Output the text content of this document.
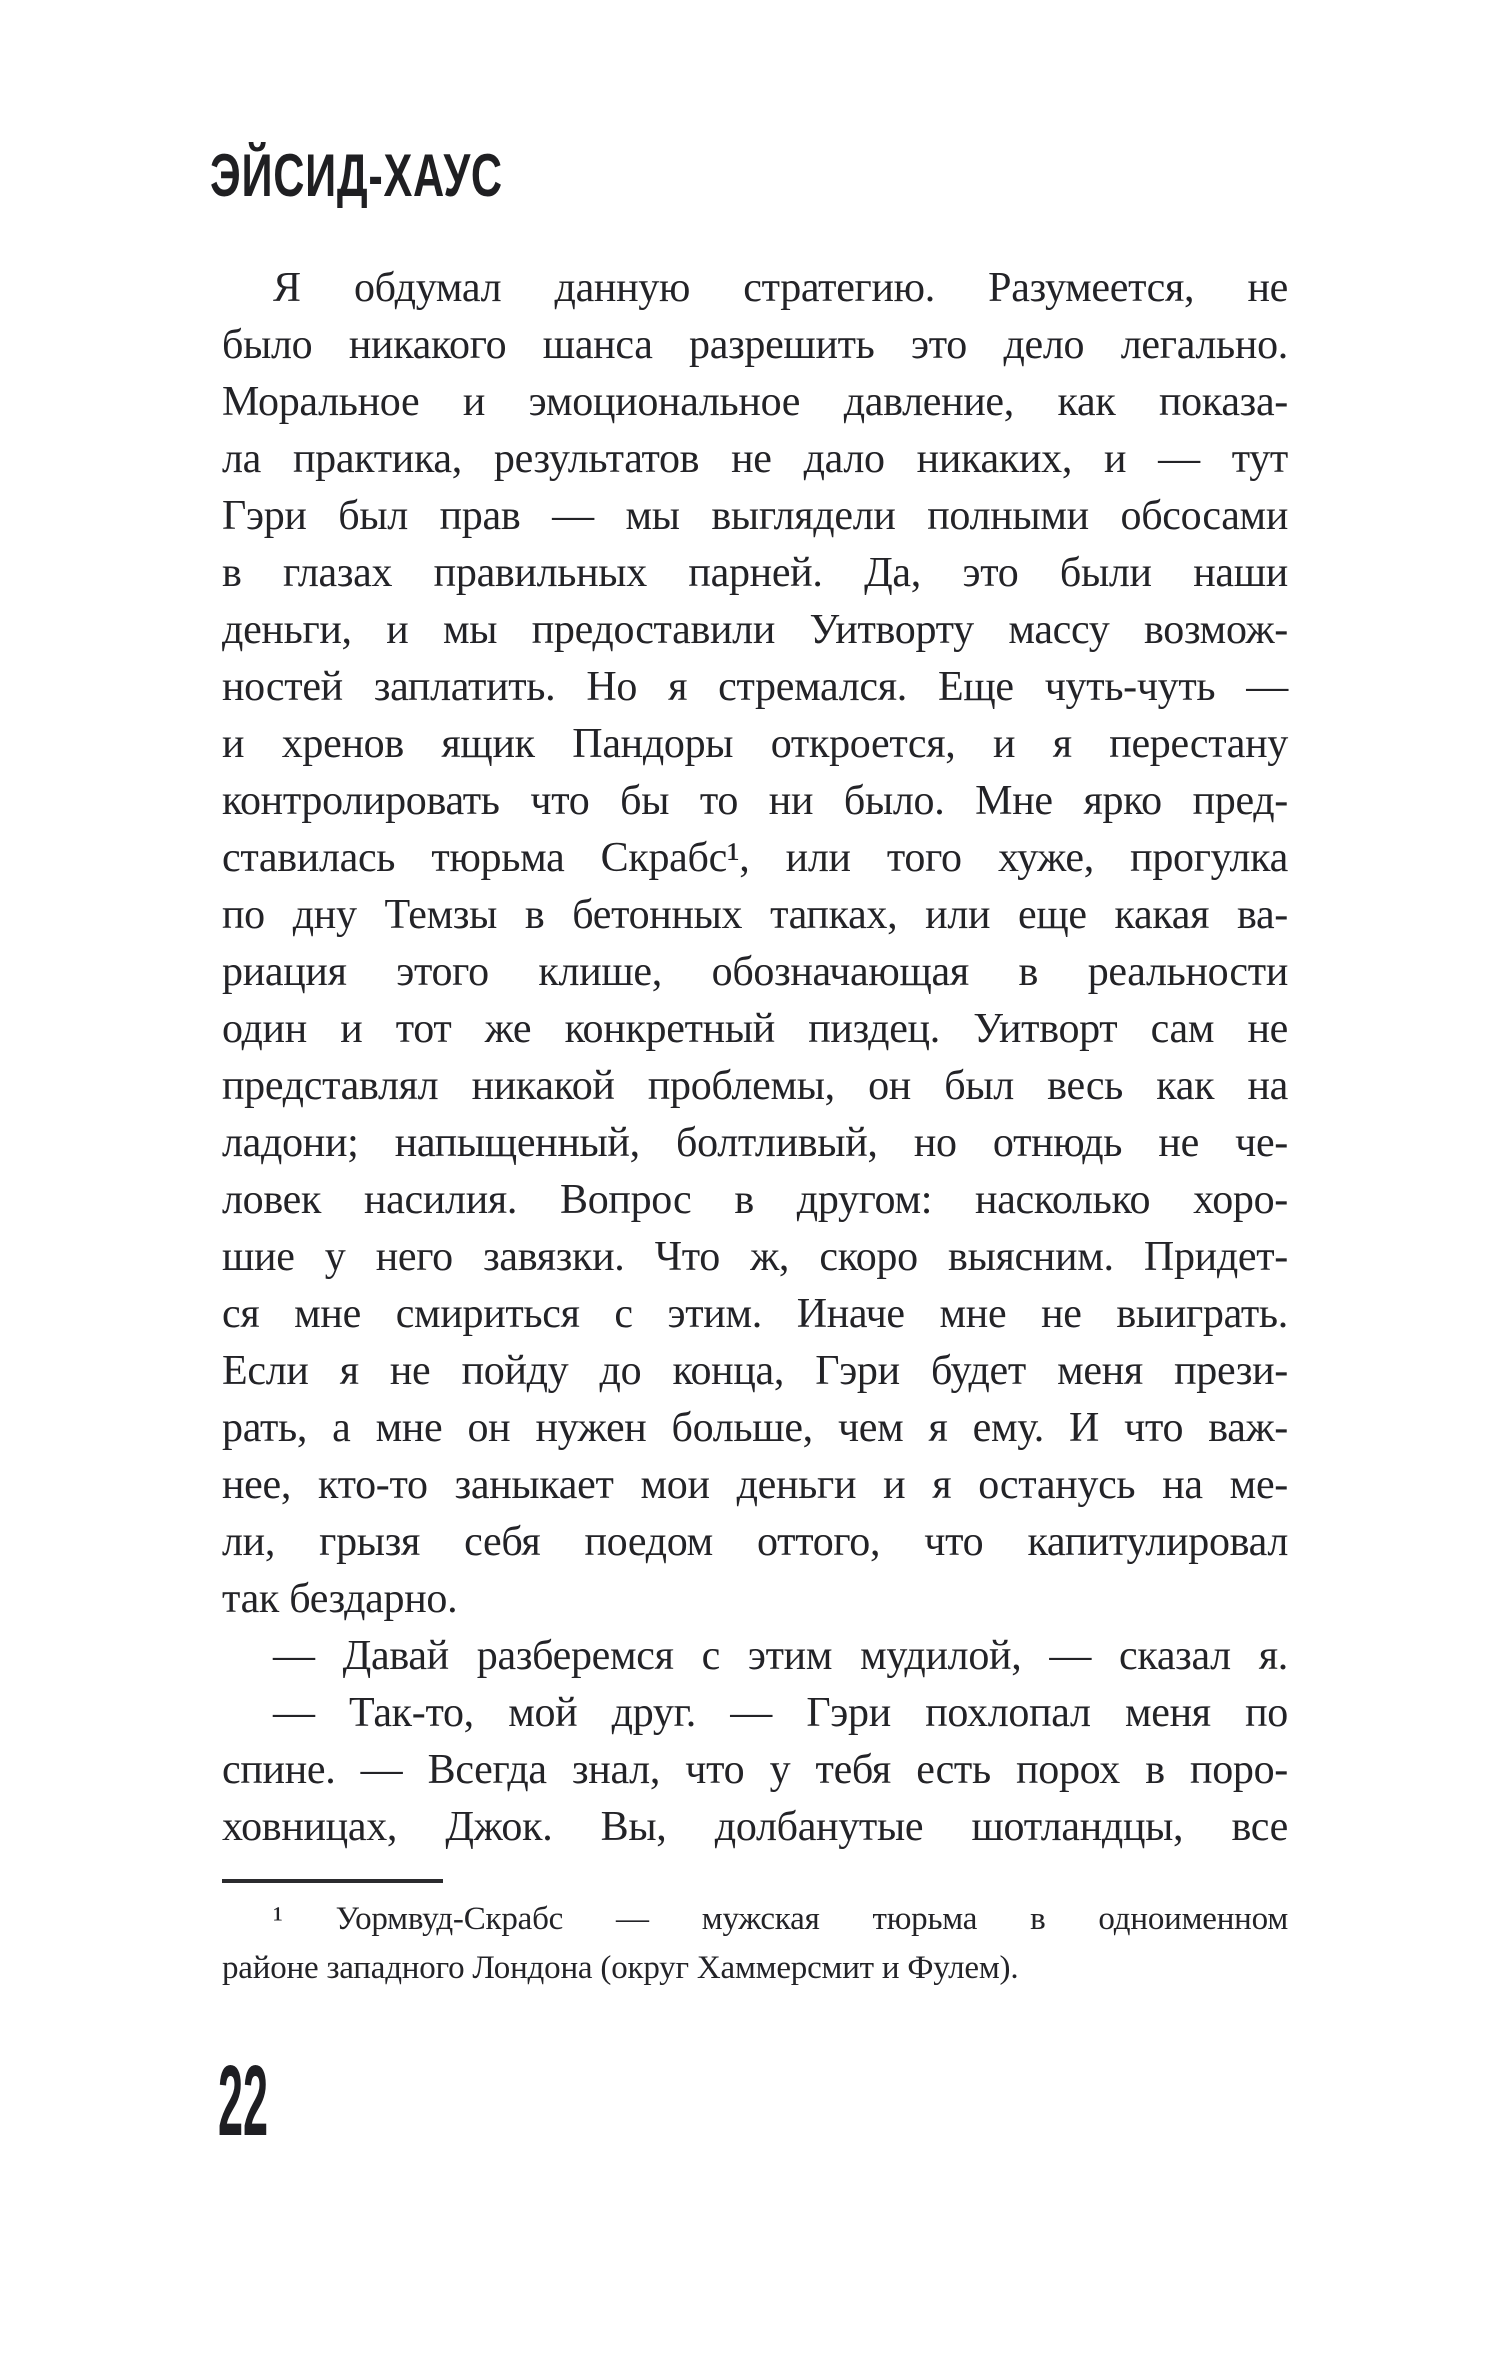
ЭЙСИД-ХАУС
Я обдумал данную стратегию. Разумеется, не
было никакого шанса разрешить это дело легально.
Моральное и эмоциональное давление, как показа-
ла практика, результатов не дало никаких, и — тут
Гэри был прав — мы выглядели полными обсосами
в глазах правильных парней. Да, это были наши
деньги, и мы предоставили Уитворту массу возмож-
ностей заплатить. Но я стремался. Еще чуть-чуть —
и хренов ящик Пандоры откроется, и я перестану
контролировать что бы то ни было. Мне ярко пред-
ставилась тюрьма Скрабс¹, или того хуже, прогулка
по дну Темзы в бетонных тапках, или еще какая ва-
риация этого клише, обозначающая в реальности
один и тот же конкретный пиздец. Уитворт сам не
представлял никакой проблемы, он был весь как на
ладони; напыщенный, болтливый, но отнюдь не че-
ловек насилия. Вопрос в другом: насколько хоро-
шие у него завязки. Что ж, скоро выясним. Придет-
ся мне смириться с этим. Иначе мне не выиграть.
Если я не пойду до конца, Гэри будет меня прези-
рать, а мне он нужен больше, чем я ему. И что важ-
нее, кто-то заныкает мои деньги и я останусь на ме-
ли, грызя себя поедом оттого, что капитулировал
так бездарно.
— Давай разберемся с этим мудилой, — сказал я.
— Так-то, мой друг. — Гэри похлопал меня по
спине. — Всегда знал, что у тебя есть порох в поро-
ховницах, Джок. Вы, долбанутые шотландцы, все
¹ Уормвуд-Скрабс — мужская тюрьма в одноименном
районе западного Лондона (округ Хаммерсмит и Фулем).
22
